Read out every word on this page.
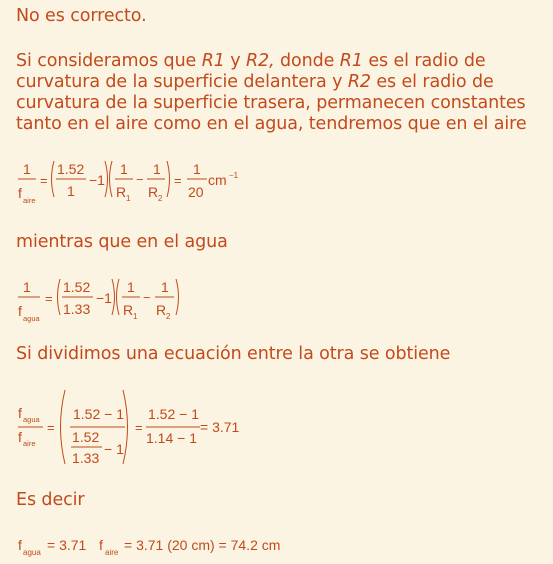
No es correcto.

Si consideramos que R1 y R2, donde R1 es el radio de curvatura de la superficie delantera y R2 es el radio de curvatura de la superficie trasera, permanecen constantes tanto en el aire como en el agua, tendremos que en el aire

1
f aire
=
1.52
1
−1
1
R 1
−
1
R 2
=
1
20
cm −1

mientras que en el agua

1
f agua
=
1.52
1.33
−1
1
R 1
−
1
R 2

Si dividimos una ecuación entre la otra se obtiene

f agua
f aire
=
1.52 − 1
1.52
1.33
− 1
=
1.52 − 1
1.14 − 1
= 3.71

Es decir

f agua = 3.71 f aire = 3.71 (20 cm) = 74.2 cm
